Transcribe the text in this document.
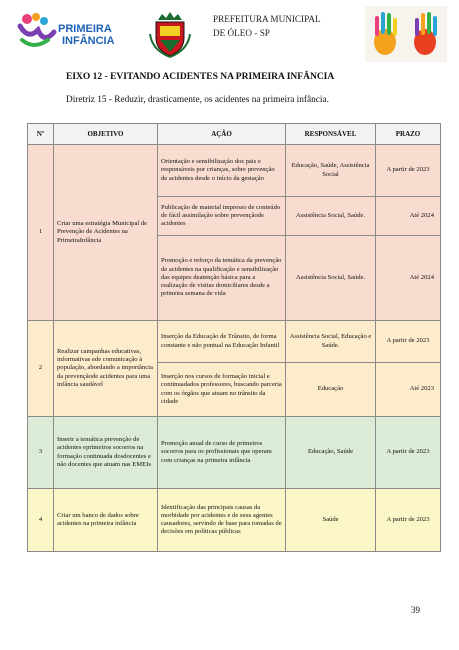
PRIMEIRA
INFÂNCIA
PREFEITURA MUNICIPAL
DE ÓLEO - SP
EIXO 12 - EVITANDO ACIDENTES NA PRIMEIRA INFÂNCIA
Diretriz 15 - Reduzir, drasticamente, os acidentes na primeira infância.
Nº	OBJETIVO	AÇÃO	RESPONSÁVEL	PRAZO
1	Criar uma estratégia Municipal de Prevenção de Acidentes na PrimeiraInfância	Orientação e sensibilização dos pais e responsáveis por crianças, sobre prevenção de acidentes desde o início da gestação	Educação, Saúde, Assistência Social	A partir de 2023
		Publicação de material impresso de conteúdo de fácil assimilação sobre prevençãode acidentes	Assistência Social, Saúde.	Até 2024
		Promoção e reforço da temática da prevenção de acidentes na qualificação e sensibilização das equipes deatenção básica para a realização de visitas domiciliares desde a primeira semana de vida	Assistência Social, Saúde.	Até 2024
2	Realizar campanhas educativas, informativas ede comunicação à população, abordando a importância da prevençãode acidentes para uma infância saudável	Inserção da Educação de Trânsito, de forma constante e não pontual na Educação Infantil	Assistência Social, Educação e Saúde.	A partir de 2023
		Inserção nos cursos de formação inicial e continuadados professores, buscando parceria com os órgãos que atuam no trânsito da cidade	Educação	Até 2023
3	Inserir a temática prevenção de acidentes eprimeiros socorros na formação continuada dosdocentes e não docentes que atuam nas EMEIs	Promoção anual de curso de primeiros socorros para os profissionais que operam com crianças na primeira infância	Educação, Saúde	A partir de 2023
4	Criar um banco de dados sobre acidentes na primeira infância	Identificação das principais causas da morbidade por acidentes e de seus agentes causadores, servindo de base para tomadas de decisões em políticas públicas	Saúde	A partir de 2023
39
